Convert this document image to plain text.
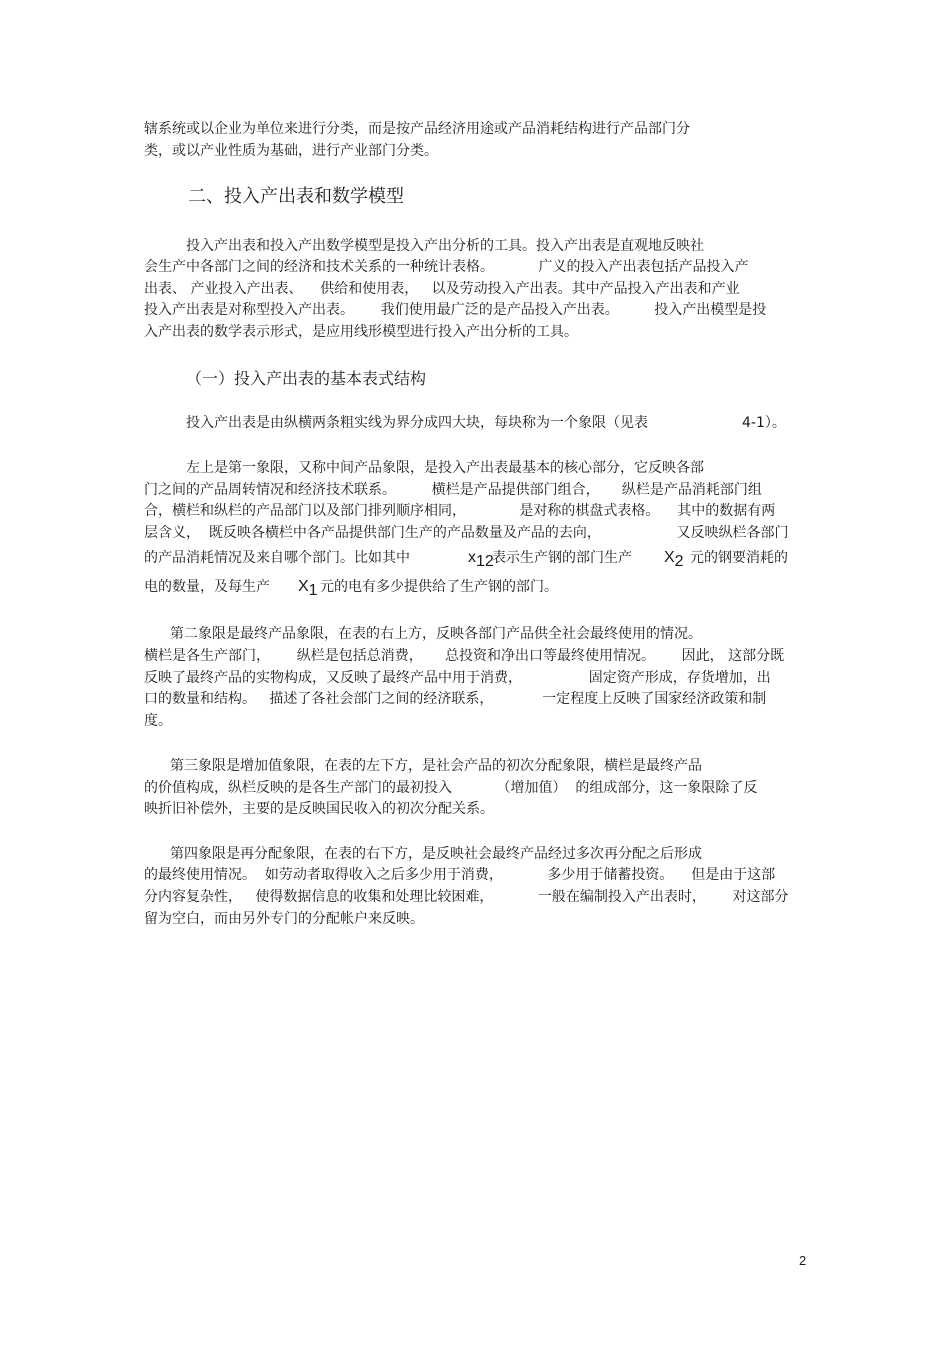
辖系统或以企业为单位来进行分类，而是按产品经济用途或产品消耗结构进行产品部门分
类，或以产业性质为基础，进行产业部门分类。
二、投入产出表和数学模型
投入产出表和投入产出数学模型是投入产出分析的工具。投入产出表是直观地反映社
会生产中各部门之间的经济和技术关系的一种统计表格。          广义的投入产出表包括产品投入产
出表、 产业投入产出表、    供给和使用表，   以及劳动投入产出表。其中产品投入产出表和产业
投入产出表是对称型投入产出表。      我们使用最广泛的是产品投入产出表。        投入产出模型是投
入产出表的数学表示形式，是应用线形模型进行投入产出分析的工具。
（一）投入产出表的基本表式结构
投入产出表是由纵横两条粗实线为界分成四大块，每块称为一个象限（见表	4-1）。
左上是第一象限，又称中间产品象限，是投入产出表最基本的核心部分，它反映各部
门之间的产品周转情况和经济技术联系。        横栏是产品提供部门组合，     纵栏是产品消耗部门组
合，横栏和纵栏的产品部门以及部门排列顺序相同，            是对称的棋盘式表格。    其中的数据有两
层含义，  既反映各横栏中各产品提供部门生产的产品数量及产品的去向，                 又反映纵栏各部门
的产品消耗情况及来自哪个部门。比如其中	$x_{12}$
表示生产钢的部门生产 $X_2$ 元的钢要消耗的
电的数量，及每生产 $X_1$ 元的电有多少提供给了生产钢的部门。
第二象限是最终产品象限，在表的右上方，反映各部门产品供全社会最终使用的情况。
横栏是各生产部门，      纵栏是包括总消费，     总投资和净出口等最终使用情况。      因此， 这部分既
反映了最终产品的实物构成，又反映了最终产品中用于消费，               固定资产形成，存货增加，出
口的数量和结构。   描述了各社会部门之间的经济联系，           一定程度上反映了国家经济政策和制
度。
第三象限是增加值象限，在表的左下方，是社会产品的初次分配象限，横栏是最终产品
的价值构成，纵栏反映的是各生产部门的最初投入          （增加值）  的组成部分，这一象限除了反
映折旧补偿外，主要的是反映国民收入的初次分配关系。
第四象限是再分配象限，在表的右下方，是反映社会最终产品经过多次再分配之后形成
的最终使用情况。  如劳动者取得收入之后多少用于消费，          多少用于储蓄投资。    但是由于这部
分内容复杂性，   使得数据信息的收集和处理比较困难，          一般在编制投入产出表时，      对这部分
留为空白，而由另外专门的分配帐户来反映。
2
